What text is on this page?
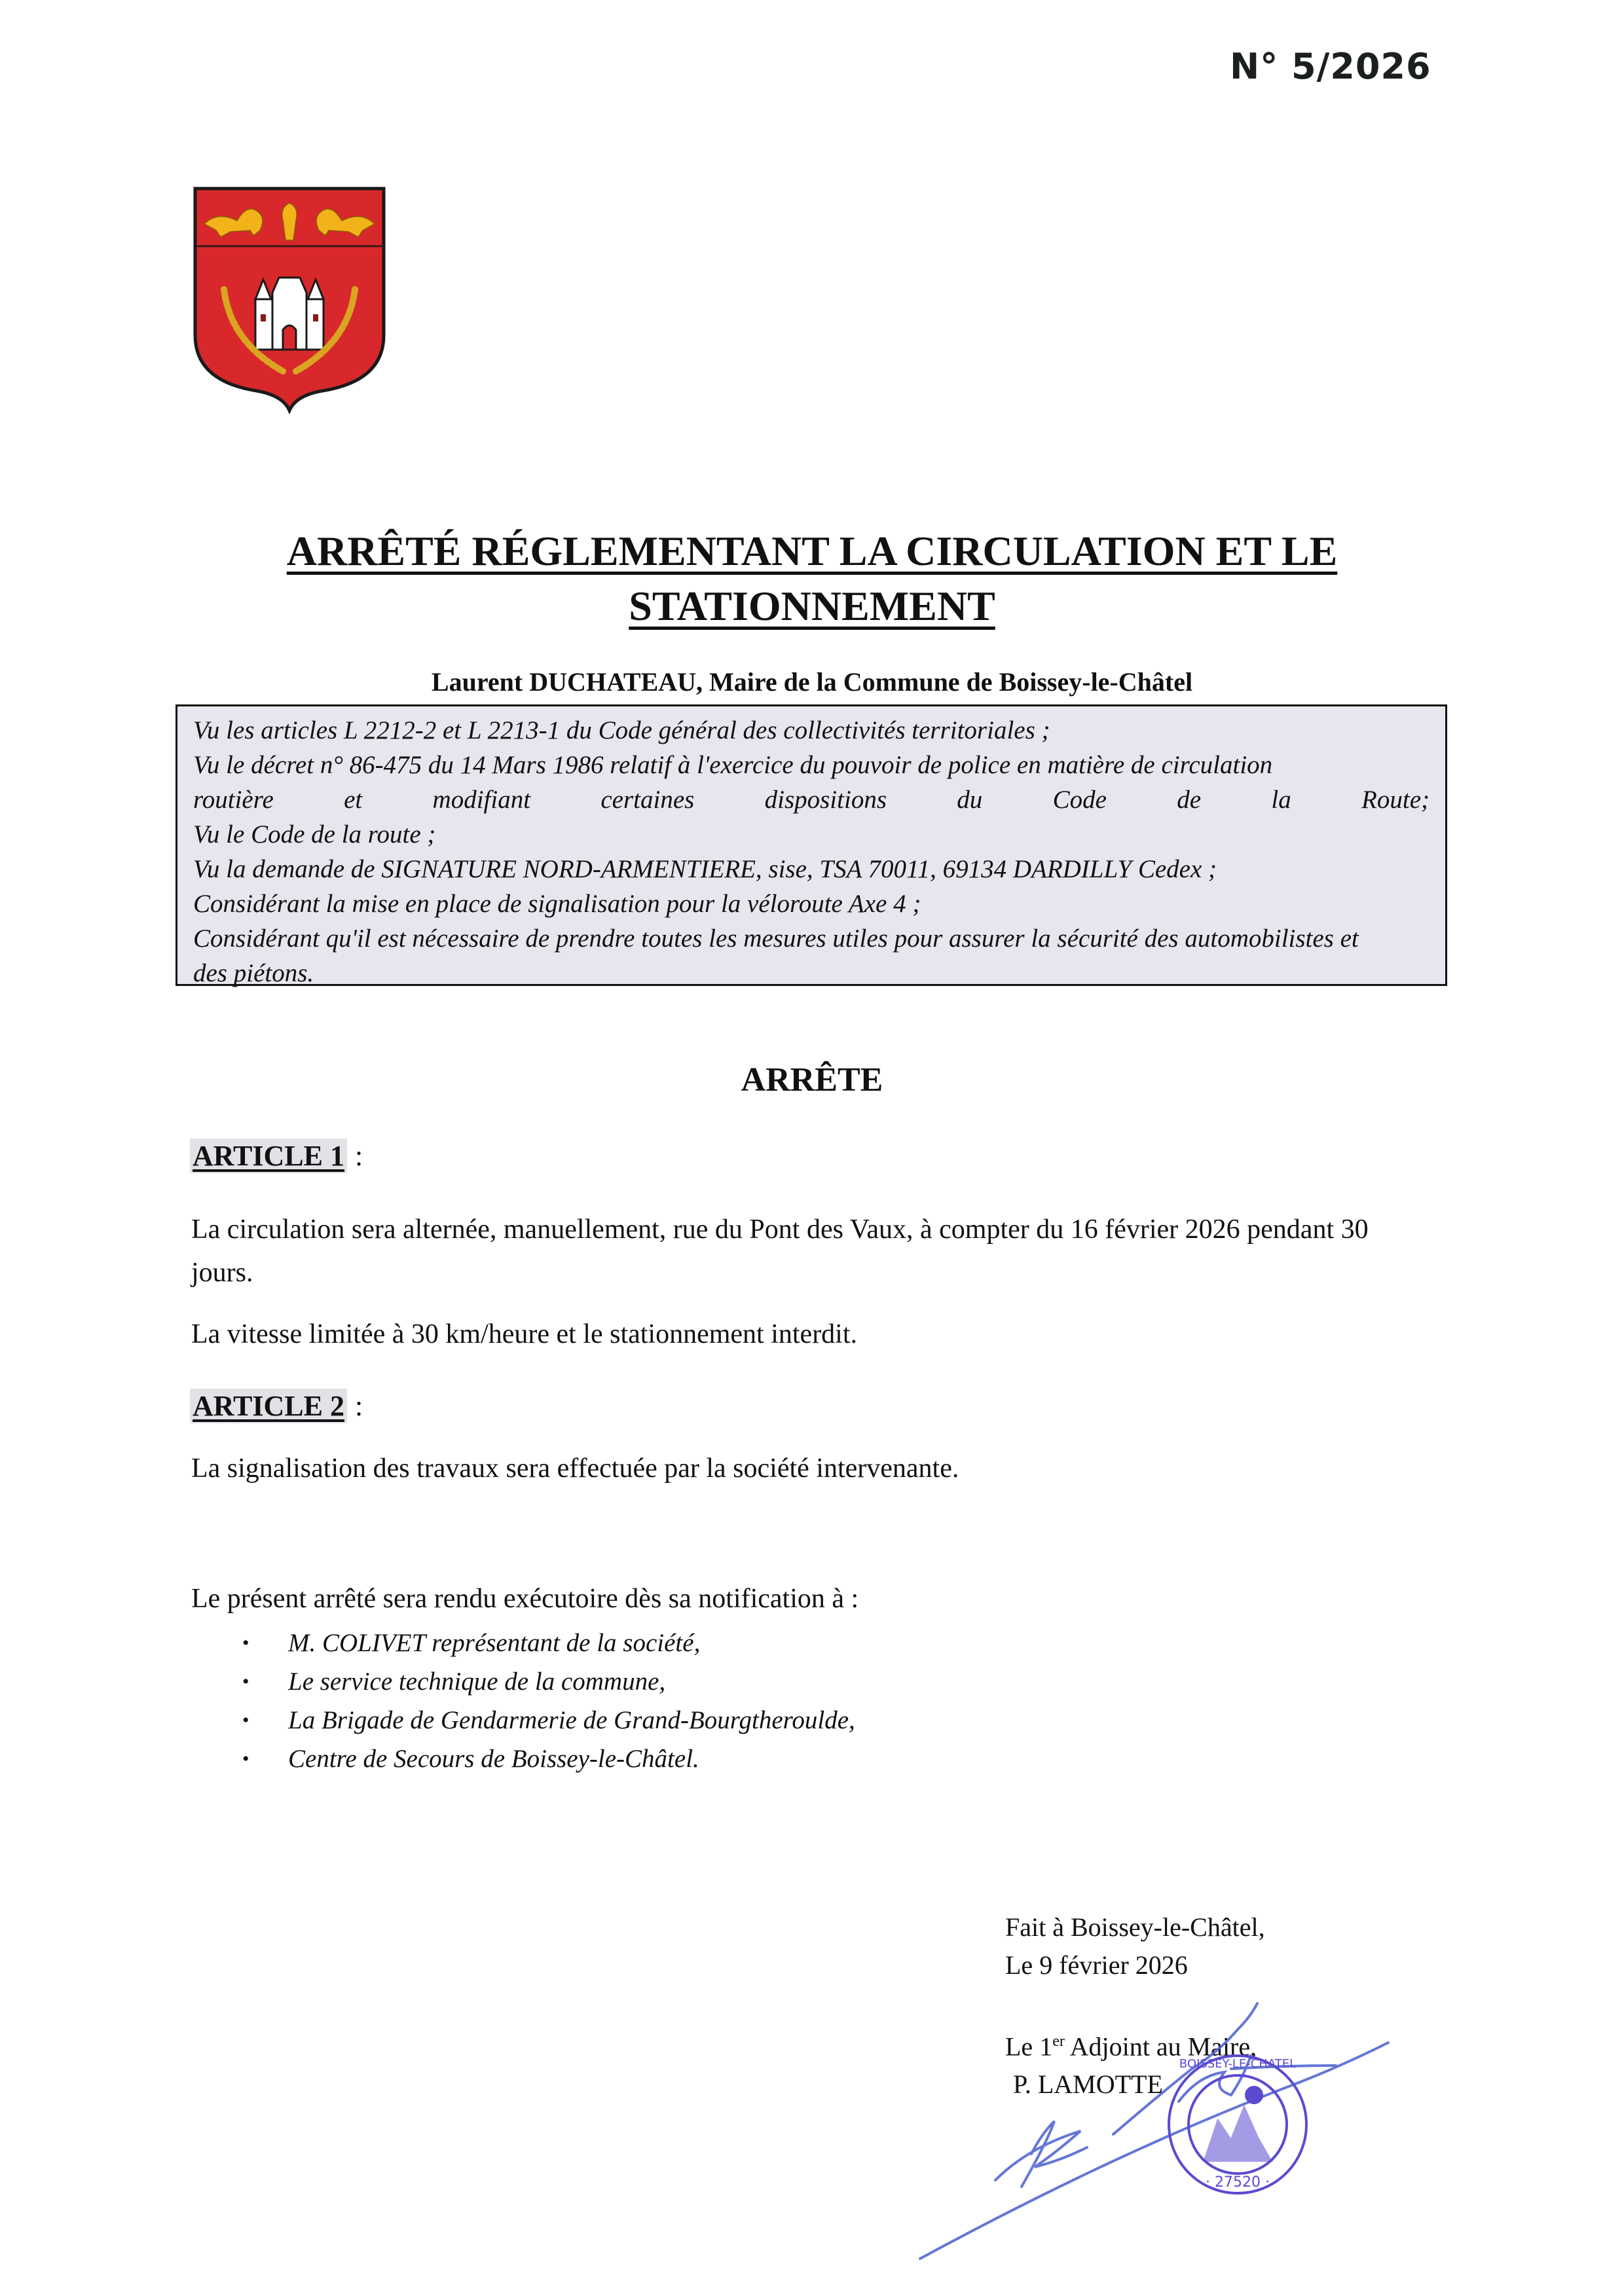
N° 5/2026
ARRÊTÉ RÉGLEMENTANT LA CIRCULATION ET LE
STATIONNEMENT
Laurent DUCHATEAU, Maire de la Commune de Boissey-le-Châtel

Vu les articles L 2212-2 et L 2213-1 du Code général des collectivités territoriales ;

Vu le décret n° 86-475 du 14 Mars 1986 relatif à l'exercice du pouvoir de police en matière de circulation

routière et modifiant certaines dispositions du Code de la Route;

Vu le Code de la route ;

Vu la demande de SIGNATURE NORD-ARMENTIERE, sise, TSA 70011, 69134 DARDILLY Cedex ;

Considérant la mise en place de signalisation pour la véloroute Axe 4 ;

Considérant qu'il est nécessaire de prendre toutes les mesures utiles pour assurer la sécurité des automobilistes et

des piétons.

ARRÊTE
ARTICLE 1 :

La circulation sera alternée, manuellement, rue du Pont des Vaux, à compter du 16 février 2026 pendant 30 jours.

La vitesse limitée à 30 km/heure et le stationnement interdit.

ARTICLE 2 :

La signalisation des travaux sera effectuée par la société intervenante.

Le présent arrêté sera rendu exécutoire dès sa notification à :
• M. COLIVET représentant de la société,
• Le service technique de la commune,
• La Brigade de Gendarmerie de Grand-Bourgtheroulde,
• Centre de Secours de Boissey-le-Châtel.
Fait à Boissey-le-Châtel,
Le 9 février 2026
Le 1er Adjoint au Maire,
P. LAMOTTE
· 27520 ·
BOISSEY-LE-CHATEL
